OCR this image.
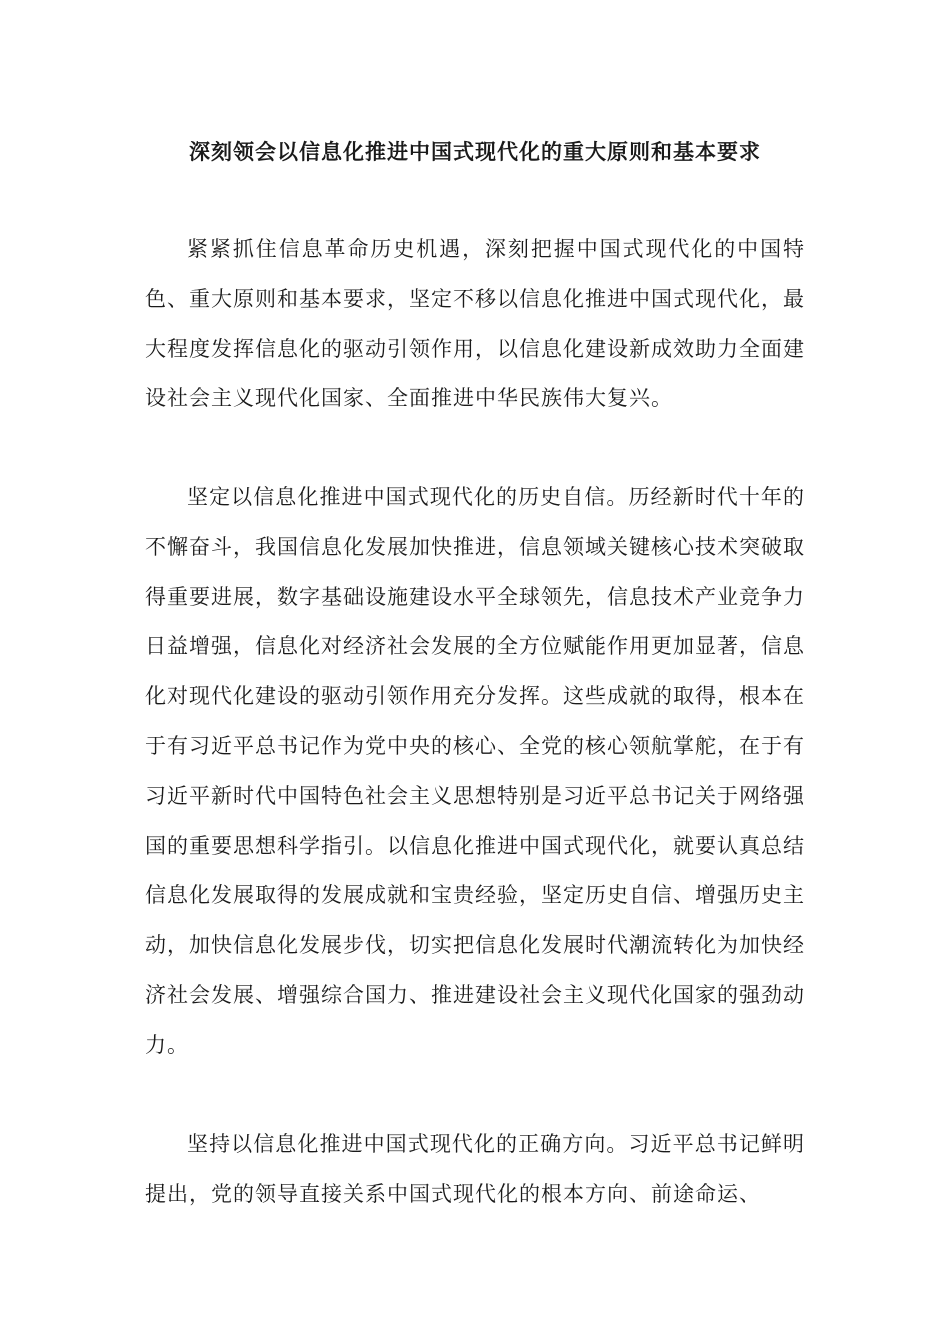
深刻领会以信息化推进中国式现代化的重大原则和基本要求

紧紧抓住信息革命历史机遇，深刻把握中国式现代化的中国特色、重大原则和基本要求，坚定不移以信息化推进中国式现代化，最大程度发挥信息化的驱动引领作用，以信息化建设新成效助力全面建设社会主义现代化国家、全面推进中华民族伟大复兴。

坚定以信息化推进中国式现代化的历史自信。历经新时代十年的不懈奋斗，我国信息化发展加快推进，信息领域关键核心技术突破取得重要进展，数字基础设施建设水平全球领先，信息技术产业竞争力日益增强，信息化对经济社会发展的全方位赋能作用更加显著，信息化对现代化建设的驱动引领作用充分发挥。这些成就的取得，根本在于有习近平总书记作为党中央的核心、全党的核心领航掌舵，在于有习近平新时代中国特色社会主义思想特别是习近平总书记关于网络强国的重要思想科学指引。以信息化推进中国式现代化，就要认真总结信息化发展取得的发展成就和宝贵经验，坚定历史自信、增强历史主动，加快信息化发展步伐，切实把信息化发展时代潮流转化为加快经济社会发展、增强综合国力、推进建设社会主义现代化国家的强劲动力。

坚持以信息化推进中国式现代化的正确方向。习近平总书记鲜明提出，党的领导直接关系中国式现代化的根本方向、前途命运、
